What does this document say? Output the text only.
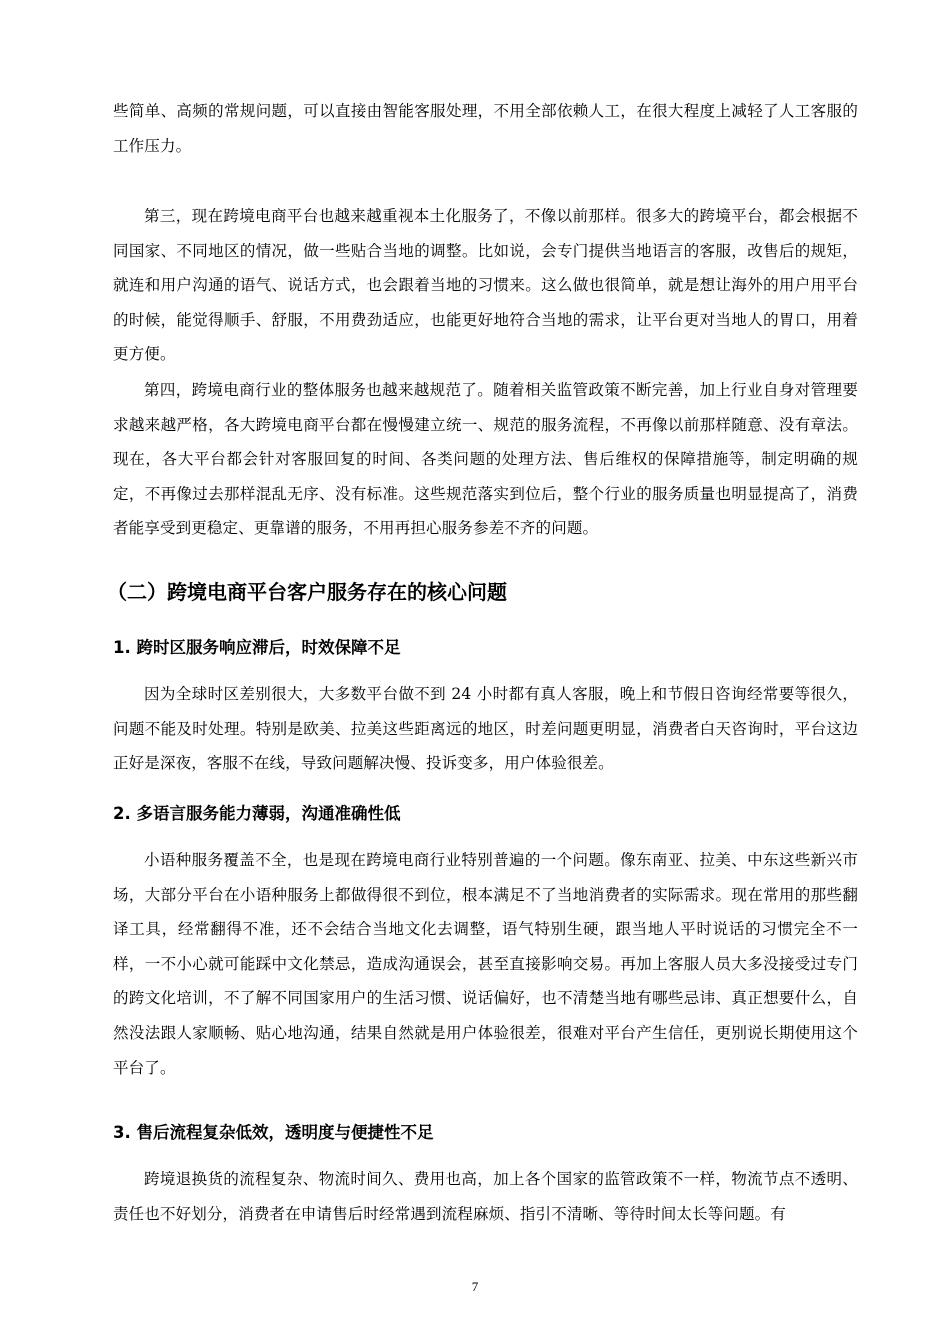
些简单、高频的常规问题，可以直接由智能客服处理，不用全部依赖人工，在很大程度上减轻了人工客服的工作压力。

第三，现在跨境电商平台也越来越重视本土化服务了，不像以前那样。很多大的跨境平台，都会根据不同国家、不同地区的情况，做一些贴合当地的调整。比如说，会专门提供当地语言的客服，改售后的规矩，就连和用户沟通的语气、说话方式，也会跟着当地的习惯来。这么做也很简单，就是想让海外的用户用平台的时候，能觉得顺手、舒服，不用费劲适应，也能更好地符合当地的需求，让平台更对当地人的胃口，用着更方便。

第四，跨境电商行业的整体服务也越来越规范了。随着相关监管政策不断完善，加上行业自身对管理要求越来越严格，各大跨境电商平台都在慢慢建立统一、规范的服务流程，不再像以前那样随意、没有章法。现在，各大平台都会针对客服回复的时间、各类问题的处理方法、售后维权的保障措施等，制定明确的规定，不再像过去那样混乱无序、没有标准。这些规范落实到位后，整个行业的服务质量也明显提高了，消费者能享受到更稳定、更靠谱的服务，不用再担心服务参差不齐的问题。

（二）跨境电商平台客户服务存在的核心问题
1. 跨时区服务响应滞后，时效保障不足

因为全球时区差别很大，大多数平台做不到 24 小时都有真人客服，晚上和节假日咨询经常要等很久，问题不能及时处理。特别是欧美、拉美这些距离远的地区，时差问题更明显，消费者白天咨询时，平台这边正好是深夜，客服不在线，导致问题解决慢、投诉变多，用户体验很差。

2. 多语言服务能力薄弱，沟通准确性低

小语种服务覆盖不全，也是现在跨境电商行业特别普遍的一个问题。像东南亚、拉美、中东这些新兴市场，大部分平台在小语种服务上都做得很不到位，根本满足不了当地消费者的实际需求。现在常用的那些翻译工具，经常翻得不准，还不会结合当地文化去调整，语气特别生硬，跟当地人平时说话的习惯完全不一样，一不小心就可能踩中文化禁忌，造成沟通误会，甚至直接影响交易。再加上客服人员大多没接受过专门的跨文化培训，不了解不同国家用户的生活习惯、说话偏好，也不清楚当地有哪些忌讳、真正想要什么，自然没法跟人家顺畅、贴心地沟通，结果自然就是用户体验很差，很难对平台产生信任，更别说长期使用这个平台了。

3. 售后流程复杂低效，透明度与便捷性不足

跨境退换货的流程复杂、物流时间久、费用也高，加上各个国家的监管政策不一样，物流节点不透明、责任也不好划分，消费者在申请售后时经常遇到流程麻烦、指引不清晰、等待时间太长等问题。有

7
